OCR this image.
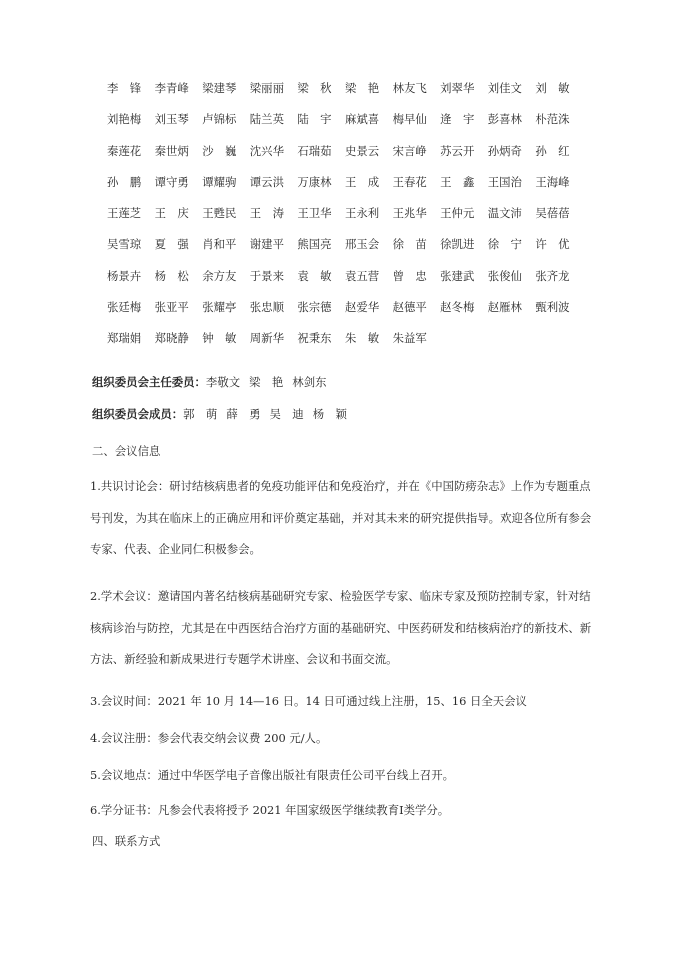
李　锋 李青峰 梁建琴 梁丽丽 梁　秋 梁　艳 林友飞 刘翠华 刘佳文 刘　敏
刘艳梅 刘玉琴 卢锦标 陆兰英 陆　宇 麻斌喜 梅早仙 逄　宇 彭喜林 朴范洙
秦莲花 秦世炳 沙　巍 沈兴华 石瑞茹 史景云 宋言峥 苏云开 孙炳奇 孙　红
孙　鹏 谭守勇 谭耀驹 谭云洪 万康林 王　成 王春花 王　鑫 王国治 王海峰
王莲芝 王　庆 王甦民 王　涛 王卫华 王永利 王兆华 王仲元 温文沛 吴蓓蓓
吴雪琼 夏　强 肖和平 谢建平 熊国亮 邢玉会 徐　苗 徐凯进 徐　宁 许　优
杨景卉 杨　松 余方友 于景来 袁　敏 袁五营 曾　忠 张建武 张俊仙 张齐龙
张廷梅 张亚平 张耀亭 张忠顺 张宗德 赵爱华 赵德平 赵冬梅 赵雁林 甄利波
郑瑞娟 郑晓静 钟　敏 周新华 祝秉东 朱　敏 朱益军
组织委员会主任委员：李敬文 梁　艳 林剑东
组织委员会成员：郭　萌 薛　勇 吴　迪 杨　颖
二、会议信息
1.共识讨论会：研讨结核病患者的免疫功能评估和免疫治疗，并在《中国防痨杂志》上作为专题重点号刊发，为其在临床上的正确应用和评价奠定基础，并对其未来的研究提供指导。欢迎各位所有参会专家、代表、企业同仁积极参会。
2.学术会议：邀请国内著名结核病基础研究专家、检验医学专家、临床专家及预防控制专家，针对结核病诊治与防控，尤其是在中西医结合治疗方面的基础研究、中医药研发和结核病治疗的新技术、新方法、新经验和新成果进行专题学术讲座、会议和书面交流。
3.会议时间：2021 年 10 月 14—16 日。14 日可通过线上注册，15、16 日全天会议
4.会议注册：参会代表交纳会议费 200 元/人。
5.会议地点：通过中华医学电子音像出版社有限责任公司平台线上召开。
6.学分证书：凡参会代表将授予 2021 年国家级医学继续教育Ⅰ类学分。
四、联系方式
